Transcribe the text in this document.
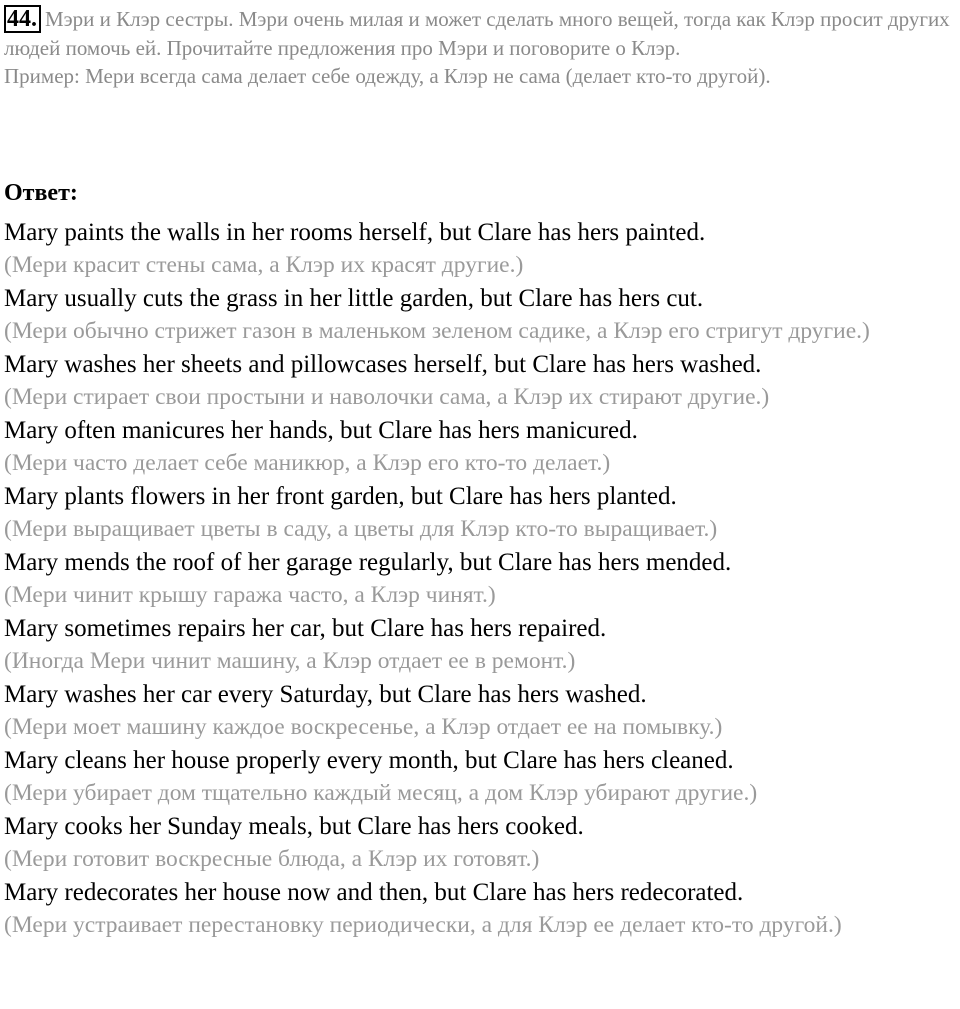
44. Мэри и Клэр сестры. Мэри очень милая и может сделать много вещей, тогда как Клэр просит других людей помочь ей. Прочитайте предложения про Мэри и поговорите о Клэр.
Пример: Мери всегда сама делает себе одежду, а Клэр не сама (делает кто-то другой).
Ответ:
Mary paints the walls in her rooms herself, but Clare has hers painted.
(Мери красит стены сама, а Клэр их красят другие.)
Mary usually cuts the grass in her little garden, but Clare has hers cut.
(Мери обычно стрижет газон в маленьком зеленом садике, а Клэр его стригут другие.)
Mary washes her sheets and pillowcases herself, but Clare has hers washed.
(Мери стирает свои простыни и наволочки сама, а Клэр их стирают другие.)
Mary often manicures her hands, but Clare has hers manicured.
(Мери часто делает себе маникюр, а Клэр его кто-то делает.)
Mary plants flowers in her front garden, but Clare has hers planted.
(Мери выращивает цветы в саду, а цветы для Клэр кто-то выращивает.)
Mary mends the roof of her garage regularly, but Clare has hers mended.
(Мери чинит крышу гаража часто, а Клэр чинят.)
Mary sometimes repairs her car, but Clare has hers repaired.
(Иногда Мери чинит машину, а Клэр отдает ее в ремонт.)
Mary washes her car every Saturday, but Clare has hers washed.
(Мери моет машину каждое воскресенье, а Клэр отдает ее на помывку.)
Mary cleans her house properly every month, but Clare has hers cleaned.
(Мери убирает дом тщательно каждый месяц, а дом Клэр убирают другие.)
Mary cooks her Sunday meals, but Clare has hers cooked.
(Мери готовит воскресные блюда, а Клэр их готовят.)
Mary redecorates her house now and then, but Clare has hers redecorated.
(Мери устраивает перестановку периодически, а для Клэр ее делает кто-то другой.)
